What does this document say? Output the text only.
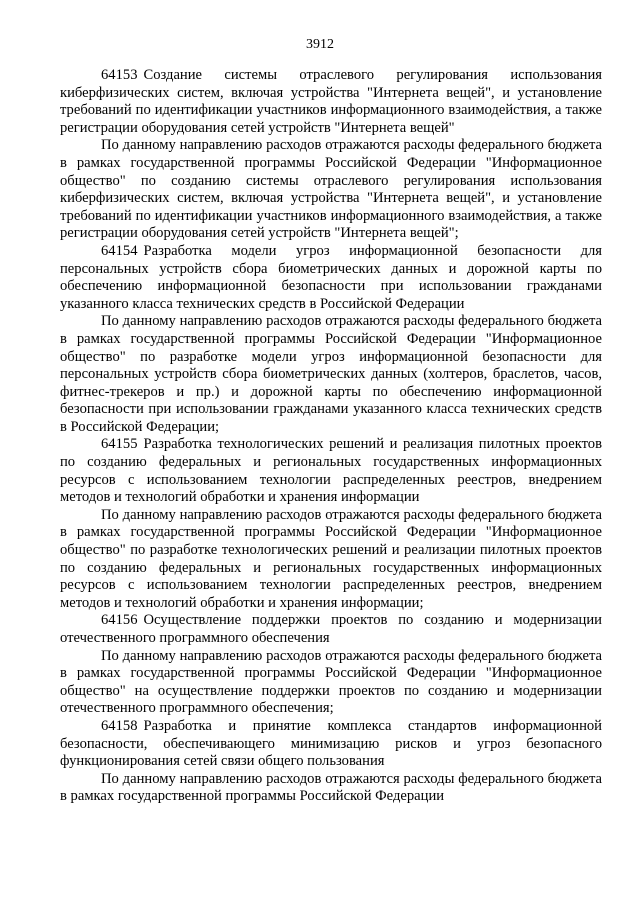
3912

64153 Создание системы отраслевого регулирования использования киберфизических систем, включая устройства "Интернета вещей", и установление требований по идентификации участников информационного взаимодействия, а также регистрации оборудования сетей устройств "Интернета вещей"

По данному направлению расходов отражаются расходы федерального бюджета в рамках государственной программы Российской Федерации "Информационное общество" по созданию системы отраслевого регулирования использования киберфизических систем, включая устройства "Интернета вещей", и установление требований по идентификации участников информационного взаимодействия, а также регистрации оборудования сетей устройств "Интернета вещей";

64154 Разработка модели угроз информационной безопасности для персональных устройств сбора биометрических данных и дорожной карты по обеспечению информационной безопасности при использовании гражданами указанного класса технических средств в Российской Федерации

По данному направлению расходов отражаются расходы федерального бюджета в рамках государственной программы Российской Федерации "Информационное общество" по разработке модели угроз информационной безопасности для персональных устройств сбора биометрических данных (холтеров, браслетов, часов, фитнес-трекеров и пр.) и дорожной карты по обеспечению информационной безопасности при использовании гражданами указанного класса технических средств в Российской Федерации;

64155 Разработка технологических решений и реализация пилотных проектов по созданию федеральных и региональных государственных информационных ресурсов с использованием технологии распределенных реестров, внедрением методов и технологий обработки и хранения информации

По данному направлению расходов отражаются расходы федерального бюджета в рамках государственной программы Российской Федерации "Информационное общество" по разработке технологических решений и реализации пилотных проектов по созданию федеральных и региональных государственных информационных ресурсов с использованием технологии распределенных реестров, внедрением методов и технологий обработки и хранения информации;

64156 Осуществление поддержки проектов по созданию и модернизации отечественного программного обеспечения

По данному направлению расходов отражаются расходы федерального бюджета в рамках государственной программы Российской Федерации "Информационное общество" на осуществление поддержки проектов по созданию и модернизации отечественного программного обеспечения;

64158 Разработка и принятие комплекса стандартов информационной безопасности, обеспечивающего минимизацию рисков и угроз безопасного функционирования сетей связи общего пользования

По данному направлению расходов отражаются расходы федерального бюджета в рамках государственной программы Российской Федерации
